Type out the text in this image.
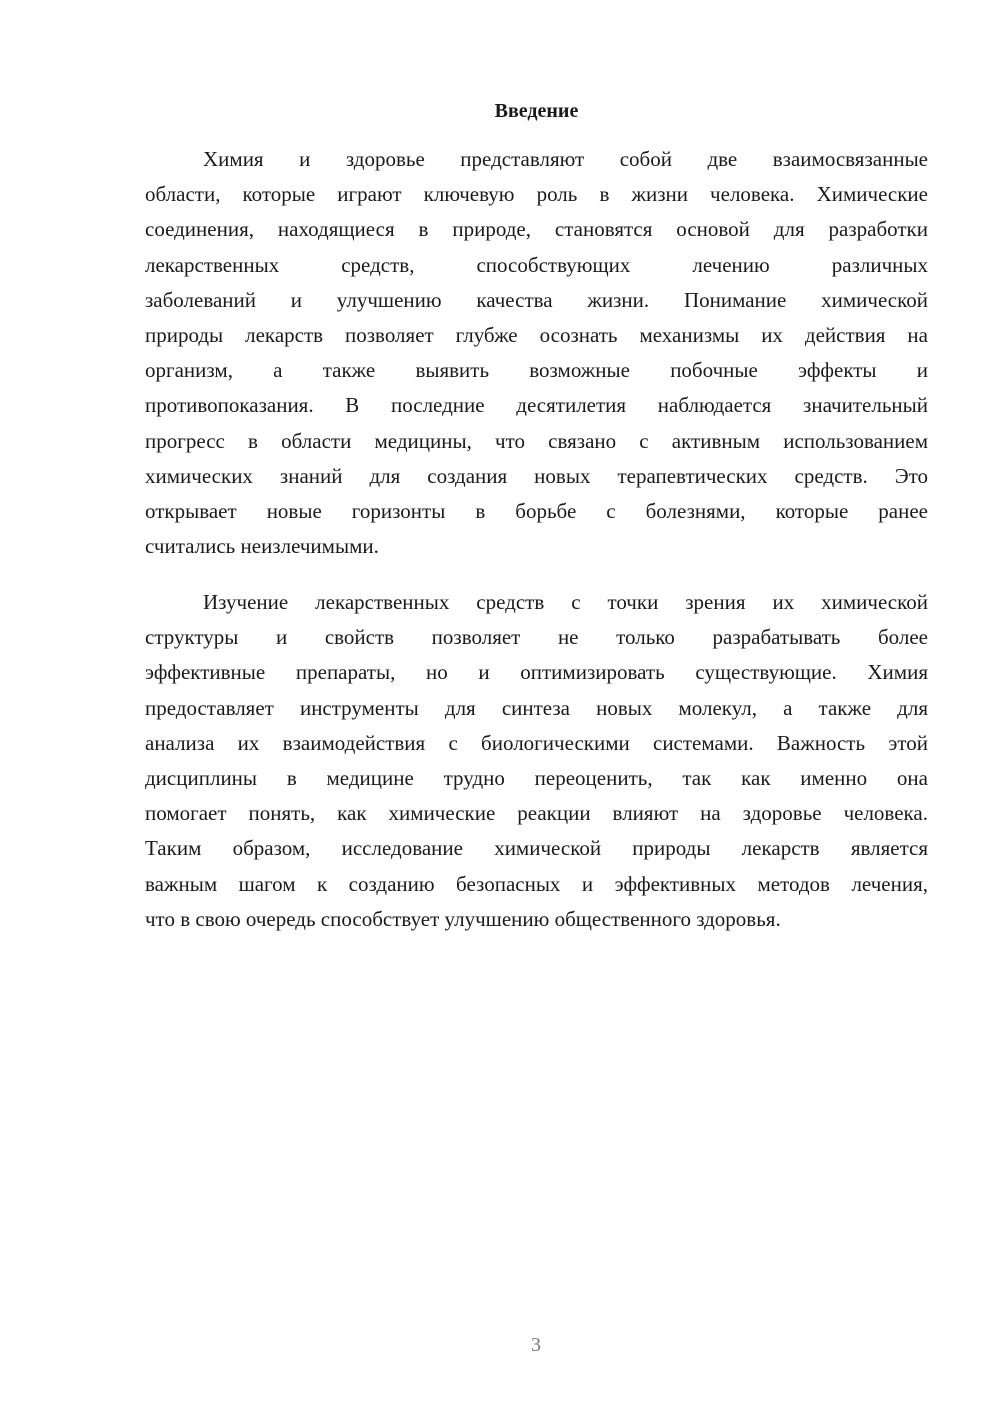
Введение
Химия и здоровье представляют собой две взаимосвязанные
области, которые играют ключевую роль в жизни человека. Химические
соединения, находящиеся в природе, становятся основой для разработки
лекарственных средств, способствующих лечению различных
заболеваний и улучшению качества жизни. Понимание химической
природы лекарств позволяет глубже осознать механизмы их действия на
организм, а также выявить возможные побочные эффекты и
противопоказания. В последние десятилетия наблюдается значительный
прогресс в области медицины, что связано с активным использованием
химических знаний для создания новых терапевтических средств. Это
открывает новые горизонты в борьбе с болезнями, которые ранее
считались неизлечимыми.
Изучение лекарственных средств с точки зрения их химической
структуры и свойств позволяет не только разрабатывать более
эффективные препараты, но и оптимизировать существующие. Химия
предоставляет инструменты для синтеза новых молекул, а также для
анализа их взаимодействия с биологическими системами. Важность этой
дисциплины в медицине трудно переоценить, так как именно она
помогает понять, как химические реакции влияют на здоровье человека.
Таким образом, исследование химической природы лекарств является
важным шагом к созданию безопасных и эффективных методов лечения,
что в свою очередь способствует улучшению общественного здоровья.
3
